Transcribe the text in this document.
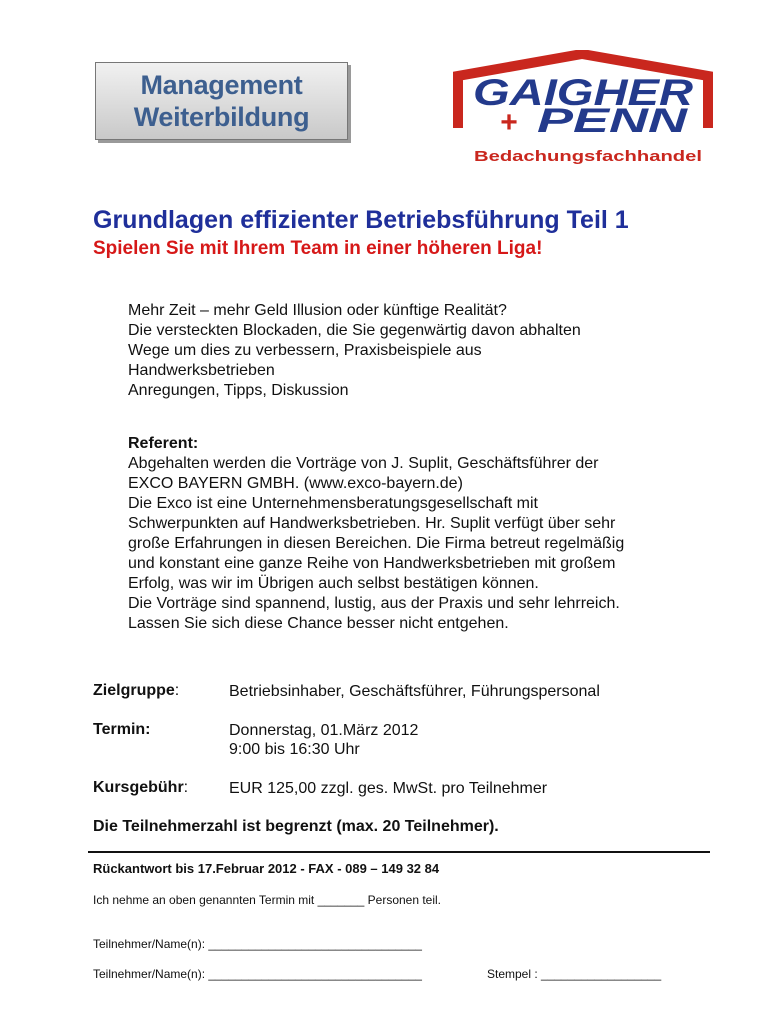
Management
Weiterbildung
GAIGHER
+ PENN
Bedachungsfachhandel
Grundlagen effizienter Betriebsführung Teil 1
Spielen Sie mit Ihrem Team in einer höheren Liga!
Mehr Zeit – mehr Geld Illusion oder künftige Realität?
Die versteckten Blockaden, die Sie gegenwärtig davon abhalten
Wege um dies zu verbessern, Praxisbeispiele aus
Handwerksbetrieben
Anregungen, Tipps, Diskussion
Referent:
Abgehalten werden die Vorträge von J. Suplit, Geschäftsführer der
EXCO BAYERN GMBH. (www.exco-bayern.de)
Die Exco ist eine Unternehmensberatungsgesellschaft mit
Schwerpunkten auf Handwerksbetrieben. Hr. Suplit verfügt über sehr
große Erfahrungen in diesen Bereichen. Die Firma betreut regelmäßig
und konstant eine ganze Reihe von Handwerksbetrieben mit großem
Erfolg, was wir im Übrigen auch selbst bestätigen können.
Die Vorträge sind spannend, lustig, aus der Praxis und sehr lehrreich.
Lassen Sie sich diese Chance besser nicht entgehen.
Zielgruppe:	Betriebsinhaber, Geschäftsführer, Führungspersonal
Termin:	Donnerstag, 01.März 2012
9:00 bis 16:30 Uhr
Kursgebühr:	EUR 125,00 zzgl. ges. MwSt. pro Teilnehmer
Die Teilnehmerzahl ist begrenzt (max. 20 Teilnehmer).
Rückantwort bis 17.Februar 2012 - FAX - 089 – 149 32 84
Ich nehme an oben genannten Termin mit _______ Personen teil.
Teilnehmer/Name(n): ________________________________
Teilnehmer/Name(n): ________________________________	Stempel : __________________
